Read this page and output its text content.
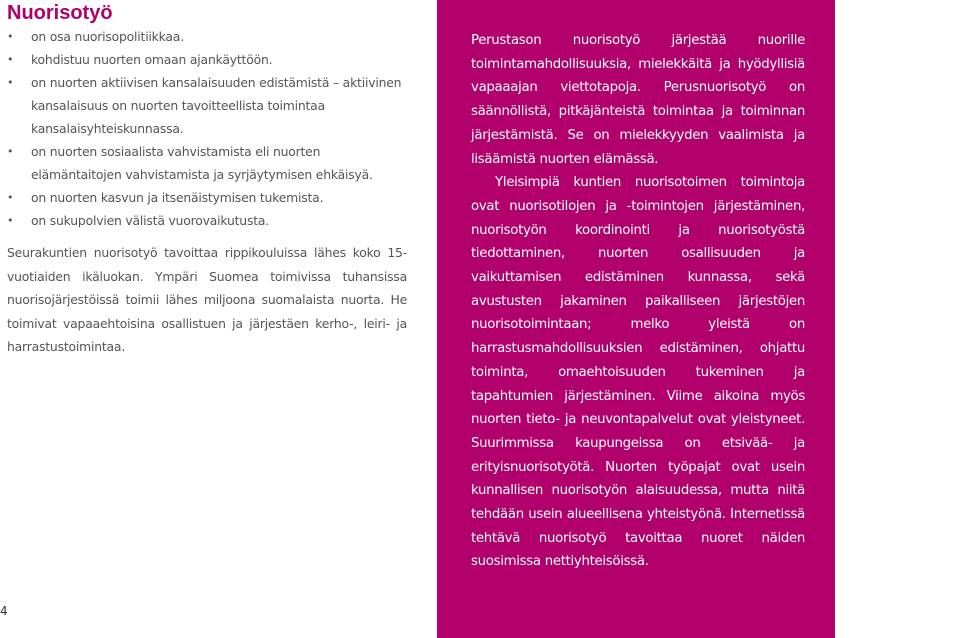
Nuorisotyö
• on osa nuorisopolitiikkaa.
• kohdistuu nuorten omaan ajankäyttöön.
• on nuorten aktiivisen kansalaisuuden edistämistä – aktiivinen kansalaisuus on nuorten tavoitteellista toimintaa kansalaisyhteiskunnassa.
• on nuorten sosiaalista vahvistamista eli nuorten elämäntaitojen vahvistamista ja syrjäytymisen ehkäisyä.
• on nuorten kasvun ja itsenäistymisen tukemista.
• on sukupolvien välistä vuorovaikutusta.

Seurakuntien nuorisotyö tavoittaa rippikouluissa lähes koko 15-vuotiaiden ikäluokan. Ympäri Suomea toimivissa tuhansissa nuorisojärjestöissä toimii lähes miljoona suomalaista nuorta. He toimivat vapaaehtoisina osallistuen ja järjestäen kerho-, leiri- ja harrastustoimintaa.

Perustason nuorisotyö järjestää nuorille toimintamahdollisuuksia, mielekkäitä ja hyödyllisiä vapaaajan viettotapoja. Perusnuorisotyö on säännöllistä, pitkäjänteistä toimintaa ja toiminnan järjestämistä. Se on mielekkyyden vaalimista ja lisäämistä nuorten elämässä.

Yleisimpiä kuntien nuorisotoimen toimintoja ovat nuorisotilojen ja -toimintojen järjestäminen, nuorisotyön koordinointi ja nuorisotyöstä tiedottaminen, nuorten osallisuuden ja vaikuttamisen edistäminen kunnassa, sekä avustusten jakaminen paikalliseen järjestöjen nuorisotoimintaan; melko yleistä on harrastusmahdollisuuksien edistäminen, ohjattu toiminta, omaehtoisuuden tukeminen ja tapahtumien järjestäminen. Viime aikoina myös nuorten tieto- ja neuvontapalvelut ovat yleistyneet. Suurimmissa kaupungeissa on etsivää- ja erityisnuorisotyötä. Nuorten työpajat ovat usein kunnallisen nuorisotyön alaisuudessa, mutta niitä tehdään usein alueellisena yhteistyönä. Internetissä tehtävä nuorisotyö tavoittaa nuoret näiden suosimissa nettiyhteisöissä.

4
